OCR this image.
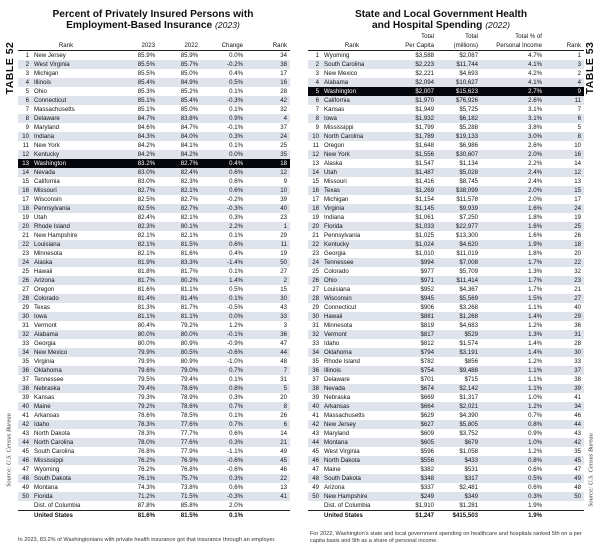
TABLE 52
Source: U.S. Census Bureau
Percent of Privately Insured Persons with
Employment-Based Insurance (2023)
Rank		2023	2022	Change	Rank
1	New Jersey	85.9%	85.9%	0.0%	34
2	West Virginia	85.5%	85.7%	-0.2%	38
3	Michigan	85.5%	85.0%	0.4%	17
4	Illinois	85.4%	84.9%	0.5%	16
5	Ohio	85.3%	85.2%	0.1%	28
6	Connecticut	85.1%	85.4%	-0.3%	42
7	Massachusetts	85.1%	85.0%	0.1%	32
8	Delaware	84.7%	83.8%	0.9%	4
9	Maryland	84.6%	84.7%	-0.1%	37
10	Indiana	84.3%	84.0%	0.3%	24
11	New York	84.2%	84.1%	0.1%	25
12	Kentucky	84.2%	84.2%	0.0%	35
13	Washington	83.2%	82.7%	0.4%	18
14	Nevada	83.0%	82.4%	0.6%	12
15	California	83.0%	82.3%	0.6%	9
16	Missouri	82.7%	82.1%	0.6%	10
17	Wisconsin	82.5%	82.7%	-0.2%	39
18	Pennsylvania	82.5%	82.7%	-0.3%	40
19	Utah	82.4%	82.1%	0.3%	23
20	Rhode Island	82.3%	80.1%	2.2%	1
21	New Hampshire	82.1%	82.1%	0.1%	29
22	Louisiana	82.1%	81.5%	0.6%	11
23	Minnesota	82.1%	81.6%	0.4%	19
24	Alaska	81.9%	83.3%	-1.4%	50
25	Hawaii	81.8%	81.7%	0.1%	27
26	Arizona	81.7%	80.2%	1.4%	2
27	Oregon	81.6%	81.1%	0.5%	15
28	Colorado	81.4%	81.4%	0.1%	30
29	Texas	81.3%	81.7%	-0.5%	43
30	Iowa	81.1%	81.1%	0.0%	33
31	Vermont	80.4%	79.2%	1.2%	3
32	Alabama	80.0%	80.0%	-0.1%	36
33	Georgia	80.0%	80.9%	-0.9%	47
34	New Mexico	79.9%	80.5%	-0.6%	44
35	Virginia	79.9%	80.9%	-1.0%	48
36	Oklahoma	79.6%	79.0%	0.7%	7
37	Tennessee	79.5%	79.4%	0.1%	31
38	Nebraska	79.4%	78.6%	0.8%	5
39	Kansas	79.3%	78.9%	0.3%	20
40	Maine	79.2%	78.6%	0.7%	8
41	Arkansas	78.6%	78.5%	0.1%	26
42	Idaho	78.3%	77.6%	0.7%	6
43	North Dakota	78.3%	77.7%	0.6%	14
44	North Carolina	78.0%	77.6%	0.3%	21
45	South Carolina	76.8%	77.9%	-1.1%	49
46	Mississippi	76.2%	76.9%	-0.6%	45
47	Wyoming	76.2%	76.8%	-0.6%	46
48	South Dakota	76.1%	75.7%	0.3%	22
49	Montana	74.3%	73.8%	0.6%	13
50	Florida	71.2%	71.5%	-0.3%	41
	Dist. of Columbia	87.8%	85.8%	2.0%	
	United States	81.6%	81.5%	0.1%	
In 2023, 83.2% of Washingtonians with private health insurance got that insurance through an employer.
TABLE 53
Source: U.S. Census Bureau
State and Local Government Health
and Hospital Spending (2022)
		Total	Total	Total % of	
Rank		Per Capita	(millions)	Personal Income	Rank
1	Wyoming	$3,588	$2,087	4.7%	1
2	South Carolina	$2,223	$11,744	4.1%	3
3	New Mexico	$2,221	$4,693	4.2%	2
4	Alabama	$2,094	$10,627	4.1%	4
5	Washington	$2,007	$15,623	2.7%	9
6	California	$1,970	$76,926	2.6%	11
7	Kansas	$1,949	$5,725	3.1%	7
8	Iowa	$1,932	$6,182	3.1%	6
9	Mississippi	$1,799	$5,288	3.8%	5
10	North Carolina	$1,789	$19,133	3.0%	8
11	Oregon	$1,648	$6,986	2.6%	10
12	New York	$1,556	$30,607	2.0%	16
13	Alaska	$1,547	$1,134	2.2%	14
14	Utah	$1,487	$5,028	2.4%	12
15	Missouri	$1,416	$8,745	2.4%	13
16	Texas	$1,269	$38,099	2.0%	15
17	Michigan	$1,154	$11,578	2.0%	17
18	Virginia	$1,145	$9,939	1.6%	24
19	Indiana	$1,061	$7,250	1.8%	19
20	Florida	$1,033	$22,977	1.6%	25
21	Pennsylvania	$1,025	$13,300	1.6%	26
22	Kentucky	$1,024	$4,620	1.9%	18
23	Georgia	$1,010	$11,019	1.8%	20
24	Tennessee	$994	$7,008	1.7%	22
25	Colorado	$977	$5,709	1.3%	32
26	Ohio	$971	$11,414	1.7%	23
27	Louisiana	$952	$4,367	1.7%	21
28	Wisconsin	$945	$5,569	1.5%	27
29	Connecticut	$906	$3,268	1.1%	40
30	Hawaii	$881	$1,268	1.4%	29
31	Minnesota	$819	$4,683	1.2%	36
32	Vermont	$817	$529	1.3%	31
33	Idaho	$812	$1,574	1.4%	28
34	Oklahoma	$794	$3,191	1.4%	30
35	Rhode Island	$782	$856	1.2%	33
36	Illinois	$754	$9,488	1.1%	37
37	Delaware	$701	$715	1.1%	38
38	Nevada	$674	$2,142	1.1%	39
39	Nebraska	$669	$1,317	1.0%	41
40	Arkansas	$664	$2,021	1.2%	34
41	Massachusetts	$629	$4,390	0.7%	46
42	New Jersey	$627	$5,805	0.8%	44
43	Maryland	$609	$3,752	0.9%	43
44	Montana	$605	$679	1.0%	42
45	West Virginia	$596	$1,058	1.2%	35
46	North Dakota	$556	$433	0.8%	45
47	Maine	$382	$531	0.6%	47
48	South Dakota	$348	$317	0.5%	49
49	Arizona	$337	$2,481	0.6%	48
50	New Hampshire	$249	$349	0.3%	50
	Dist. of Columbia	$1,910	$1,281	1.9%	
	United States	$1,247	$415,503	1.9%	
For 2022, Washington's state and local government spending on healthcare and hospitals ranked 5th on a per capita basis and 9th as a share of personal income.
